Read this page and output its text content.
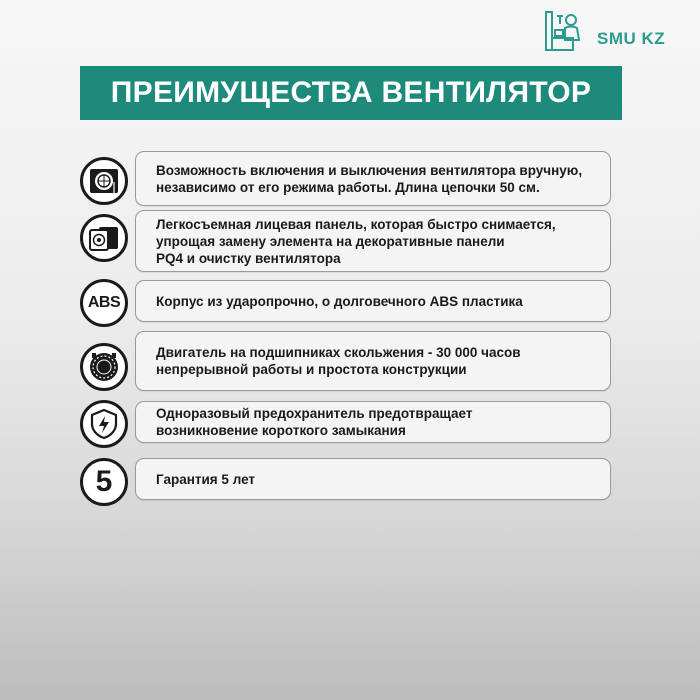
SMU KZ
ПРЕИМУЩЕСТВА ВЕНТИЛЯТОР
Возможность включения и выключения вентилятора вручную,
независимо от его режима работы. Длина цепочки 50 см.
Легкосъемная лицевая панель, которая быстро снимается,
упрощая замену элемента на декоративные панели
PQ4 и очистку вентилятора
ABS	Корпус из ударопрочно, о долговечного ABS пластика
Двигатель на подшипниках скольжения - 30 000 часов
непрерывной работы и простота конструкции
Одноразовый предохранитель предотвращает
возникновение короткого замыкания
5	Гарантия 5 лет
